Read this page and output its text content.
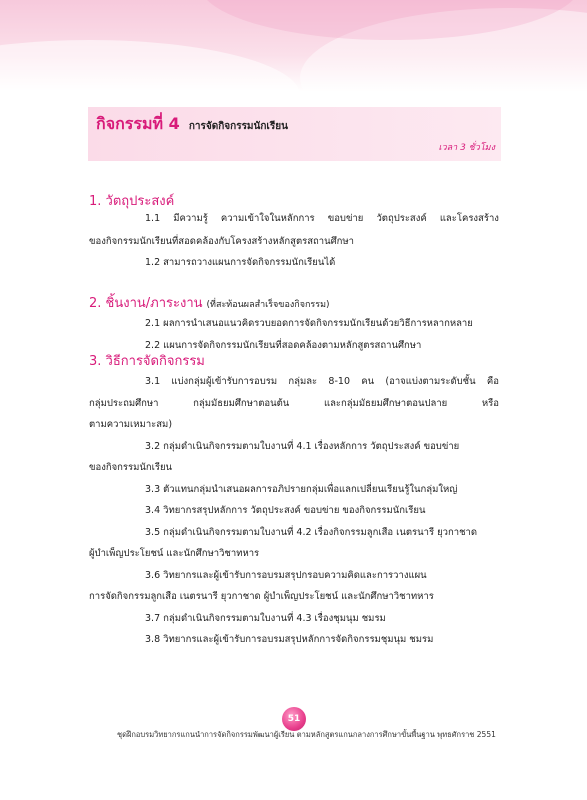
กิจกรรมที่ 4 การจัดกิจกรรมนักเรียน
เวลา 3 ชั่วโมง
1. วัตถุประสงค์
1.1 มีความรู้ ความเข้าใจในหลักการ ขอบข่าย วัตถุประสงค์ และโครงสร้าง
ของกิจกรรมนักเรียนที่สอดคล้องกับโครงสร้างหลักสูตรสถานศึกษา
1.2 สามารถวางแผนการจัดกิจกรรมนักเรียนได้
2. ชิ้นงาน/ภาระงาน (ที่สะท้อนผลสำเร็จของกิจกรรม)
2.1 ผลการนำเสนอแนวคิดรวบยอดการจัดกิจกรรมนักเรียนด้วยวิธีการหลากหลาย
2.2 แผนการจัดกิจกรรมนักเรียนที่สอดคล้องตามหลักสูตรสถานศึกษา
3. วิธีการจัดกิจกรรม
3.1 แบ่งกลุ่มผู้เข้ารับการอบรม กลุ่มละ 8-10 คน (อาจแบ่งตามระดับชั้น คือ
กลุ่มประถมศึกษา	กลุ่มมัธยมศึกษาตอนต้น	และกลุ่มมัธยมศึกษาตอนปลาย	หรือ
ตามความเหมาะสม)
3.2 กลุ่มดำเนินกิจกรรมตามใบงานที่ 4.1 เรื่องหลักการ วัตถุประสงค์ ขอบข่าย
ของกิจกรรมนักเรียน
3.3 ตัวแทนกลุ่มนำเสนอผลการอภิปรายกลุ่มเพื่อแลกเปลี่ยนเรียนรู้ในกลุ่มใหญ่
3.4 วิทยากรสรุปหลักการ วัตถุประสงค์ ขอบข่าย ของกิจกรรมนักเรียน
3.5 กลุ่มดำเนินกิจกรรมตามใบงานที่ 4.2 เรื่องกิจกรรมลูกเสือ เนตรนารี ยุวกาชาด
ผู้บำเพ็ญประโยชน์ และนักศึกษาวิชาทหาร
3.6 วิทยากรและผู้เข้ารับการอบรมสรุปกรอบความคิดและการวางแผน
การจัดกิจกรรมลูกเสือ เนตรนารี ยุวกาชาด ผู้บำเพ็ญประโยชน์ และนักศึกษาวิชาทหาร
3.7 กลุ่มดำเนินกิจกรรมตามใบงานที่ 4.3 เรื่องชุมนุม ชมรม
3.8 วิทยากรและผู้เข้ารับการอบรมสรุปหลักการจัดกิจกรรมชุมนุม ชมรม
51
ชุดฝึกอบรมวิทยากรแกนนำการจัดกิจกรรมพัฒนาผู้เรียน ตามหลักสูตรแกนกลางการศึกษาขั้นพื้นฐาน พุทธศักราช 2551
